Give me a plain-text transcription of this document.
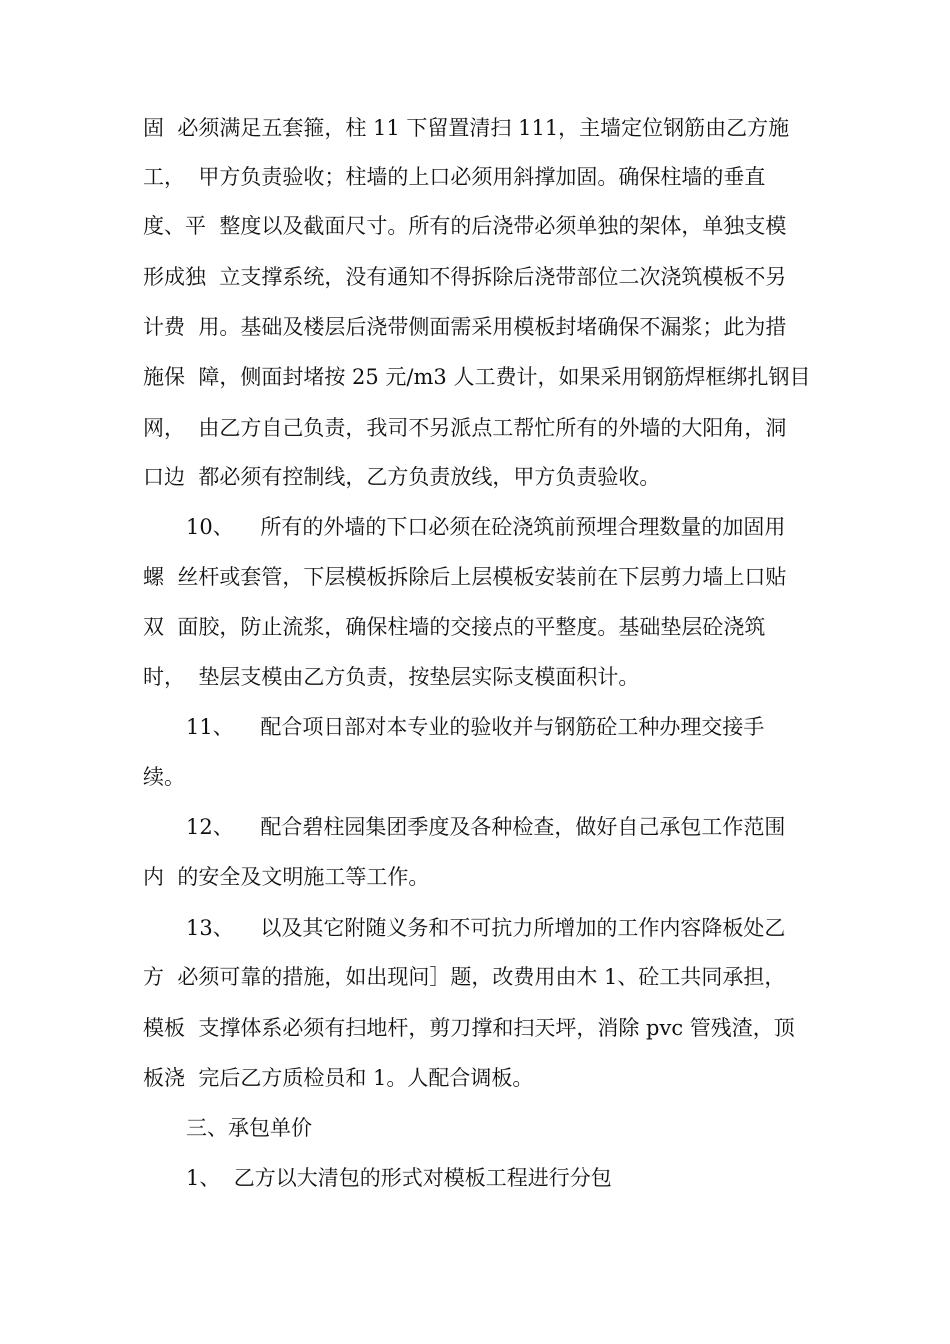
固  必须满足五套箍，柱 11 下留置清扫 111，主墙定位钢筋由乙方施
工，  甲方负责验收；柱墙的上口必须用斜撑加固。确保柱墙的垂直
度、平  整度以及截面尺寸。所有的后浇带必须单独的架体，单独支模
形成独  立支撑系统，没有通知不得拆除后浇带部位二次浇筑模板不另
计费  用。基础及楼层后浇带侧面需采用模板封堵确保不漏浆；此为措
施保  障，侧面封堵按 25 元/m3 人工费计，如果采用钢筋焊框绑扎钢目
网，  由乙方自己负责，我司不另派点工帮忙所有的外墙的大阳角，洞
口边  都必须有控制线，乙方负责放线，甲方负责验收。
10、    所有的外墙的下口必须在砼浇筑前预埋合理数量的加固用
螺  丝杆或套管，下层模板拆除后上层模板安装前在下层剪力墙上口贴
双  面胶，防止流浆，确保柱墙的交接点的平整度。基础垫层砼浇筑
时，  垫层支模由乙方负责，按垫层实际支模面积计。
11、    配合项日部对本专业的验收并与钢筋砼工种办理交接手
续。
12、    配合碧柱园集团季度及各种检查，做好自己承包工作范围
内  的安全及文明施工等工作。
13、    以及其它附随义务和不可抗力所增加的工作内容降板处乙
方  必须可靠的措施，如出现问］题，改费用由木 1、砼工共同承担，
模板  支撑体系必须有扫地杆，剪刀撑和扫天坪，消除 pvc 管残渣，顶
板浇  完后乙方质检员和 1。人配合调板。
三、承包单价
1、  乙方以大清包的形式对模板工程进行分包
